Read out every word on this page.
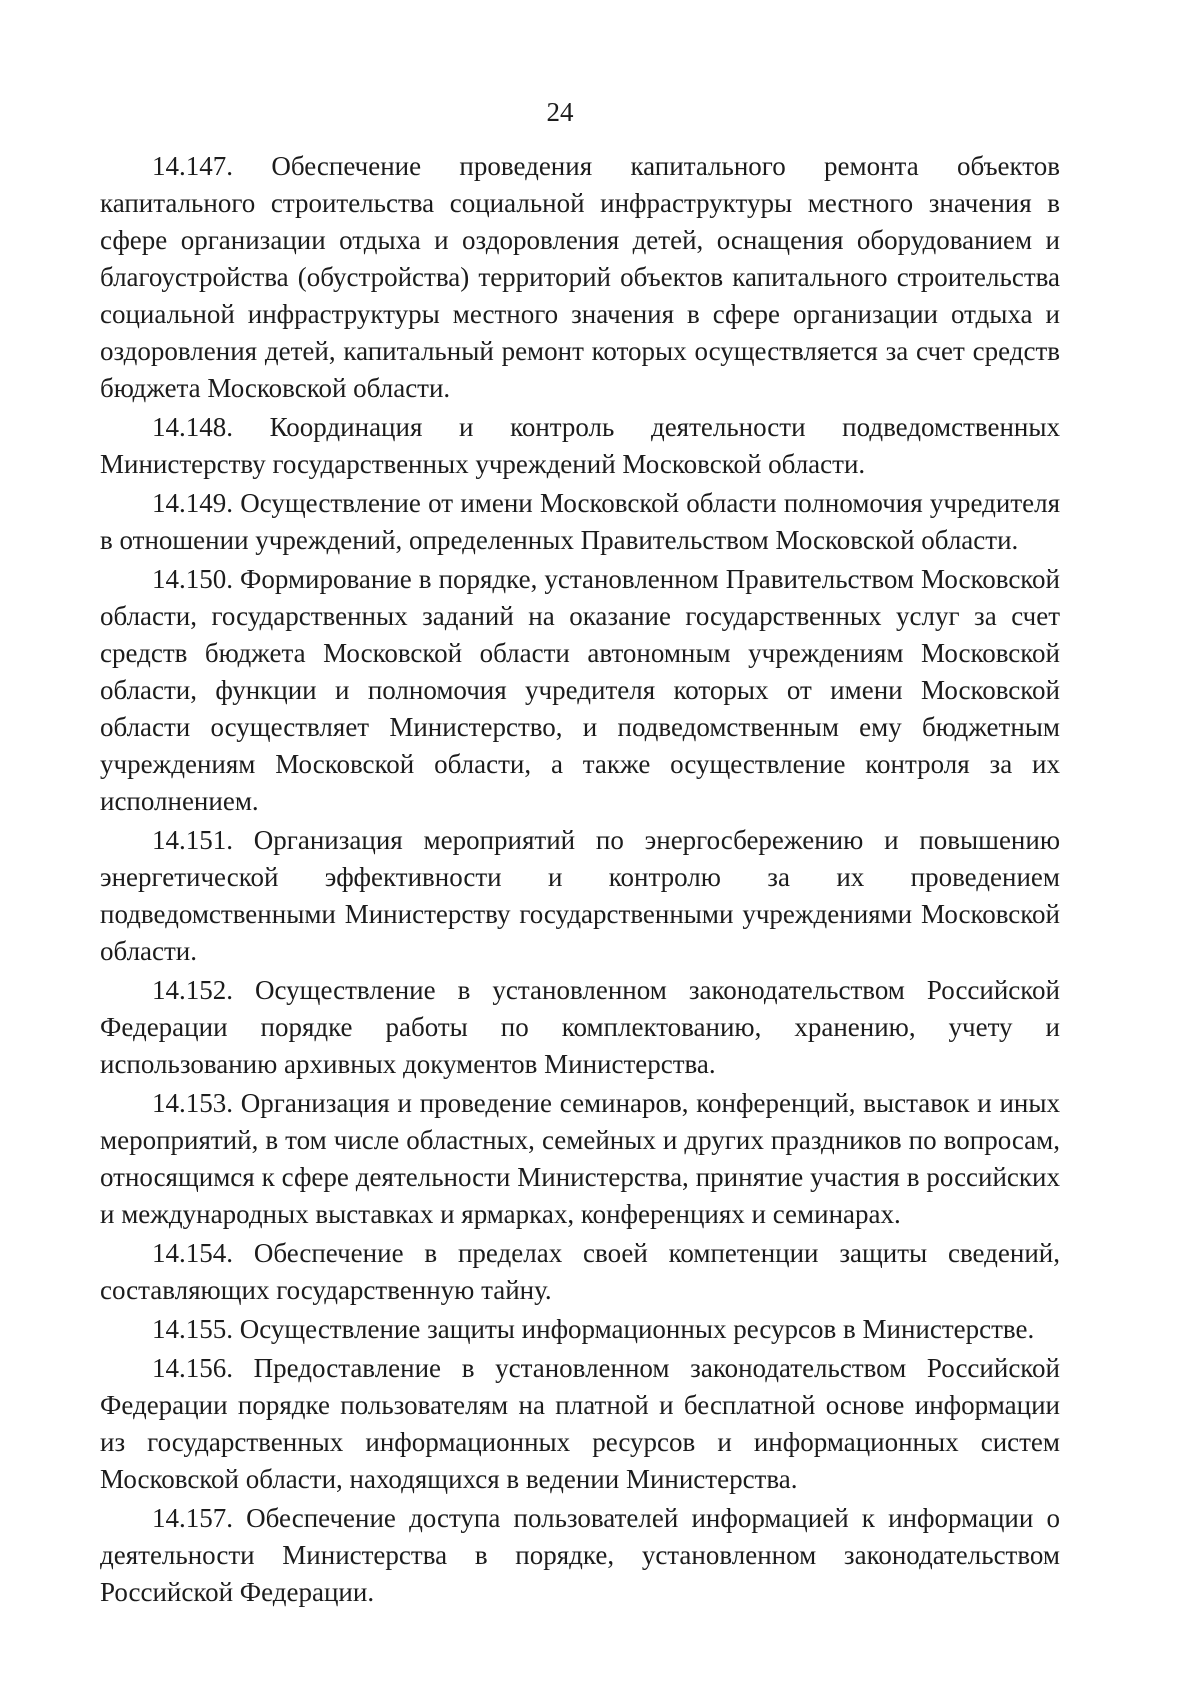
24

14.147. Обеспечение проведения капитального ремонта объектов капитального строительства социальной инфраструктуры местного значения в сфере организации отдыха и оздоровления детей, оснащения оборудованием и благоустройства (обустройства) территорий объектов капитального строительства социальной инфраструктуры местного значения в сфере организации отдыха и оздоровления детей, капитальный ремонт которых осуществляется за счет средств бюджета Московской области.

14.148. Координация и контроль деятельности подведомственных Министерству государственных учреждений Московской области.

14.149. Осуществление от имени Московской области полномочия учредителя в отношении учреждений, определенных Правительством Московской области.

14.150. Формирование в порядке, установленном Правительством Московской области, государственных заданий на оказание государственных услуг за счет средств бюджета Московской области автономным учреждениям Московской области, функции и полномочия учредителя которых от имени Московской области осуществляет Министерство, и подведомственным ему бюджетным учреждениям Московской области, а также осуществление контроля за их исполнением.

14.151. Организация мероприятий по энергосбережению и повышению энергетической эффективности и контролю за их проведением подведомственными Министерству государственными учреждениями Московской области.

14.152. Осуществление в установленном законодательством Российской Федерации порядке работы по комплектованию, хранению, учету и использованию архивных документов Министерства.

14.153. Организация и проведение семинаров, конференций, выставок и иных мероприятий, в том числе областных, семейных и других праздников по вопросам, относящимся к сфере деятельности Министерства, принятие участия в российских и международных выставках и ярмарках, конференциях и семинарах.

14.154. Обеспечение в пределах своей компетенции защиты сведений, составляющих государственную тайну.

14.155. Осуществление защиты информационных ресурсов в Министерстве.

14.156. Предоставление в установленном законодательством Российской Федерации порядке пользователям на платной и бесплатной основе информации из государственных информационных ресурсов и информационных систем Московской области, находящихся в ведении Министерства.

14.157. Обеспечение доступа пользователей информацией к информации о деятельности Министерства в порядке, установленном законодательством Российской Федерации.
